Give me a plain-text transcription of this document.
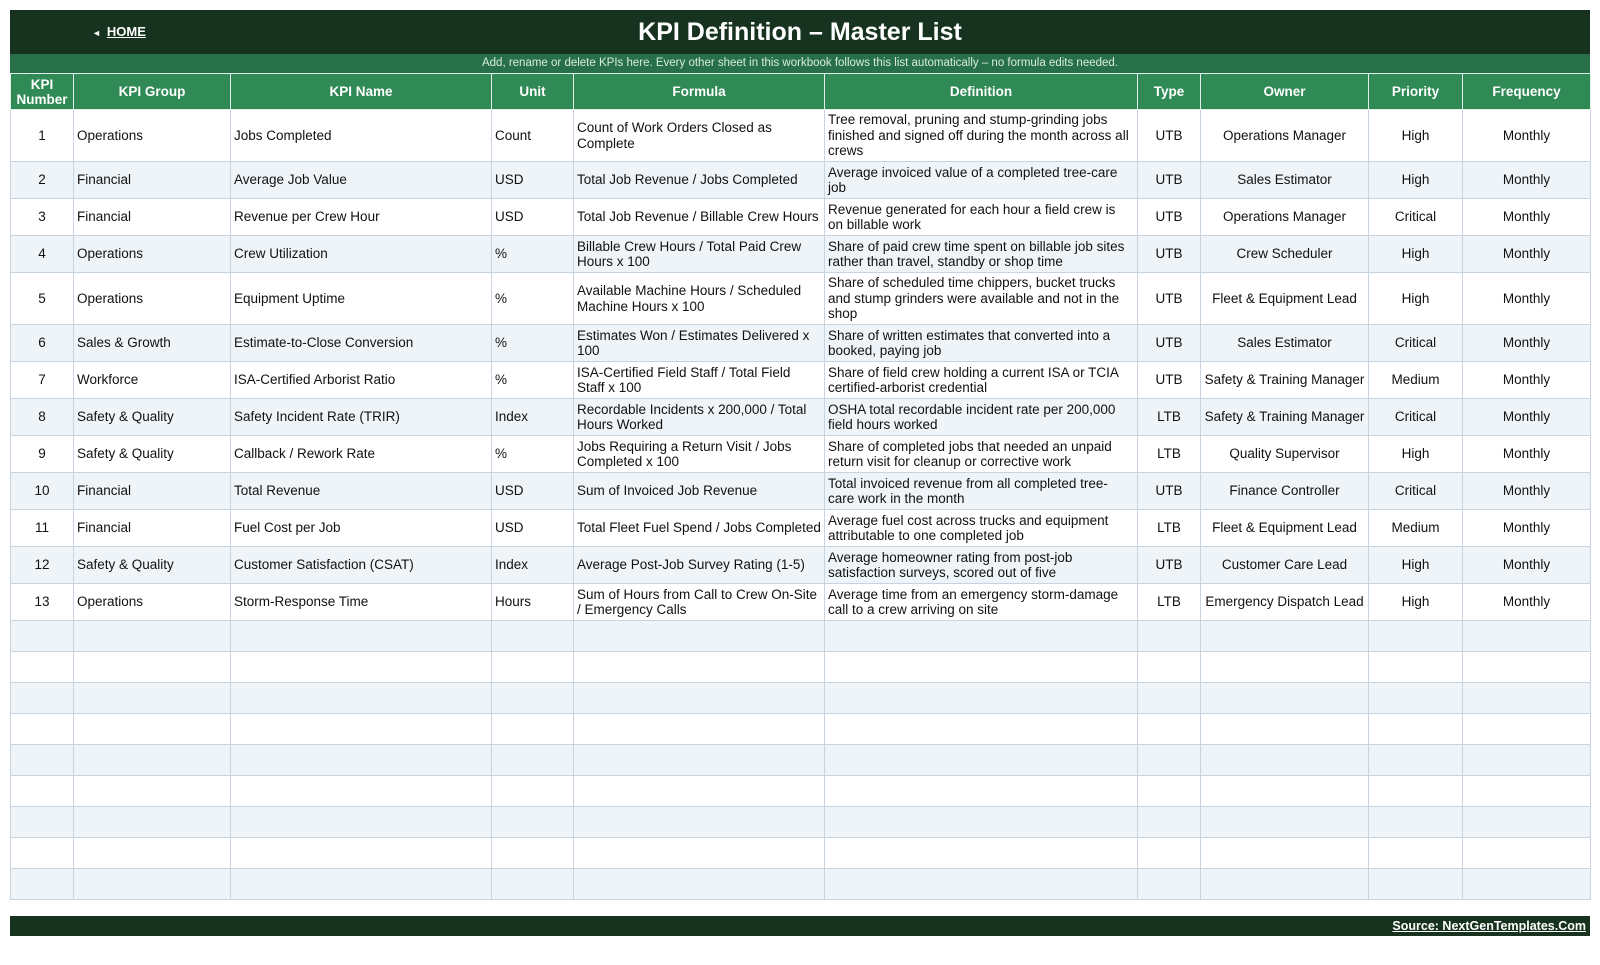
◄ HOME	KPI Definition – Master List
Add, rename or delete KPIs here. Every other sheet in this workbook follows this list automatically – no formula edits needed.
KPI Number	KPI Group	KPI Name	Unit	Formula	Definition	Type	Owner	Priority	Frequency
1	Operations	Jobs Completed	Count	Count of Work Orders Closed as Complete	Tree removal, pruning and stump-grinding jobs finished and signed off during the month across all crews	UTB	Operations Manager	High	Monthly
2	Financial	Average Job Value	USD	Total Job Revenue / Jobs Completed	Average invoiced value of a completed tree-care job	UTB	Sales Estimator	High	Monthly
3	Financial	Revenue per Crew Hour	USD	Total Job Revenue / Billable Crew Hours	Revenue generated for each hour a field crew is on billable work	UTB	Operations Manager	Critical	Monthly
4	Operations	Crew Utilization	%	Billable Crew Hours / Total Paid Crew Hours x 100	Share of paid crew time spent on billable job sites rather than travel, standby or shop time	UTB	Crew Scheduler	High	Monthly
5	Operations	Equipment Uptime	%	Available Machine Hours / Scheduled Machine Hours x 100	Share of scheduled time chippers, bucket trucks and stump grinders were available and not in the shop	UTB	Fleet & Equipment Lead	High	Monthly
6	Sales & Growth	Estimate-to-Close Conversion	%	Estimates Won / Estimates Delivered x 100	Share of written estimates that converted into a booked, paying job	UTB	Sales Estimator	Critical	Monthly
7	Workforce	ISA-Certified Arborist Ratio	%	ISA-Certified Field Staff / Total Field Staff x 100	Share of field crew holding a current ISA or TCIA certified-arborist credential	UTB	Safety & Training Manager	Medium	Monthly
8	Safety & Quality	Safety Incident Rate (TRIR)	Index	Recordable Incidents x 200,000 / Total Hours Worked	OSHA total recordable incident rate per 200,000 field hours worked	LTB	Safety & Training Manager	Critical	Monthly
9	Safety & Quality	Callback / Rework Rate	%	Jobs Requiring a Return Visit / Jobs Completed x 100	Share of completed jobs that needed an unpaid return visit for cleanup or corrective work	LTB	Quality Supervisor	High	Monthly
10	Financial	Total Revenue	USD	Sum of Invoiced Job Revenue	Total invoiced revenue from all completed tree-care work in the month	UTB	Finance Controller	Critical	Monthly
11	Financial	Fuel Cost per Job	USD	Total Fleet Fuel Spend / Jobs Completed	Average fuel cost across trucks and equipment attributable to one completed job	LTB	Fleet & Equipment Lead	Medium	Monthly
12	Safety & Quality	Customer Satisfaction (CSAT)	Index	Average Post-Job Survey Rating (1-5)	Average homeowner rating from post-job satisfaction surveys, scored out of five	UTB	Customer Care Lead	High	Monthly
13	Operations	Storm-Response Time	Hours	Sum of Hours from Call to Crew On-Site / Emergency Calls	Average time from an emergency storm-damage call to a crew arriving on site	LTB	Emergency Dispatch Lead	High	Monthly

Source: NextGenTemplates.Com
